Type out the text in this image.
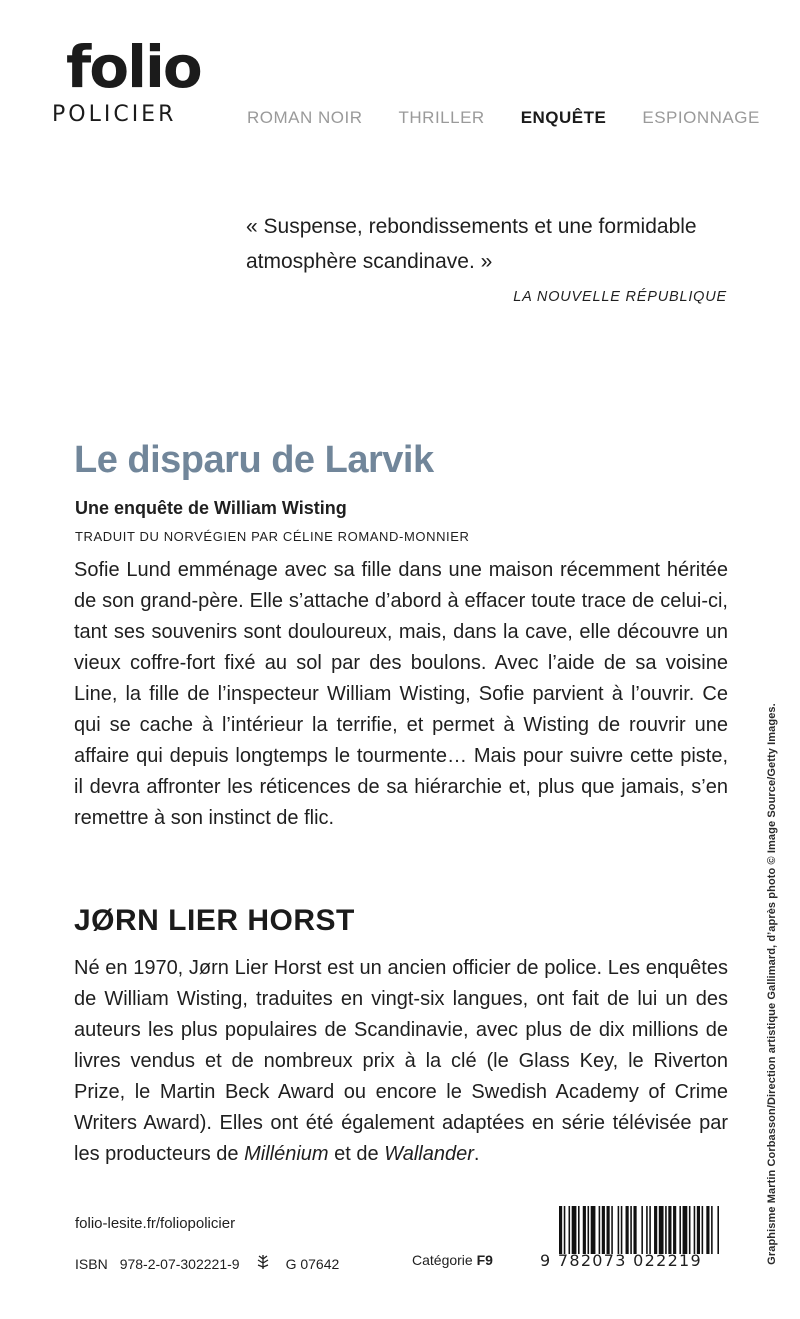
folio
POLICIER	ROMAN NOIR THRILLER ENQUÊTE ESPIONNAGE
« Suspense, rebondissements et une formidable atmosphère scandinave. »
LA NOUVELLE RÉPUBLIQUE
Le disparu de Larvik
Une enquête de William Wisting
TRADUIT DU NORVÉGIEN PAR CÉLINE ROMAND-MONNIER
Sofie Lund emménage avec sa fille dans une maison récemment héritée de son grand-père. Elle s’attache d’abord à effacer toute trace de celui-ci, tant ses souvenirs sont douloureux, mais, dans la cave, elle découvre un vieux coffre-fort fixé au sol par des boulons. Avec l’aide de sa voisine Line, la fille de l’inspecteur William Wisting, Sofie parvient à l’ouvrir. Ce qui se cache à l’intérieur la terrifie, et permet à Wisting de rouvrir une affaire qui depuis longtemps le tourmente… Mais pour suivre cette piste, il devra affronter les réticences de sa hiérarchie et, plus que jamais, s’en remettre à son instinct de flic.
JØRN LIER HORST
Né en 1970, Jørn Lier Horst est un ancien officier de police. Les enquêtes de William Wisting, traduites en vingt-six langues, ont fait de lui un des auteurs les plus populaires de Scandinavie, avec plus de dix millions de livres vendus et de nombreux prix à la clé (le Glass Key, le Riverton Prize, le Martin Beck Award ou encore le Swedish Academy of Crime Writers Award). Elles ont été également adaptées en série télévisée par les producteurs de Millénium et de Wallander.
folio-lesite.fr/foliopolicier
ISBN 978-2-07-302221-9	G 07642	Catégorie F9	9 782073 022219	Graphisme Martin Corbasson/Direction artistique Gallimard, d’après photo © Image Source/Getty Images.
